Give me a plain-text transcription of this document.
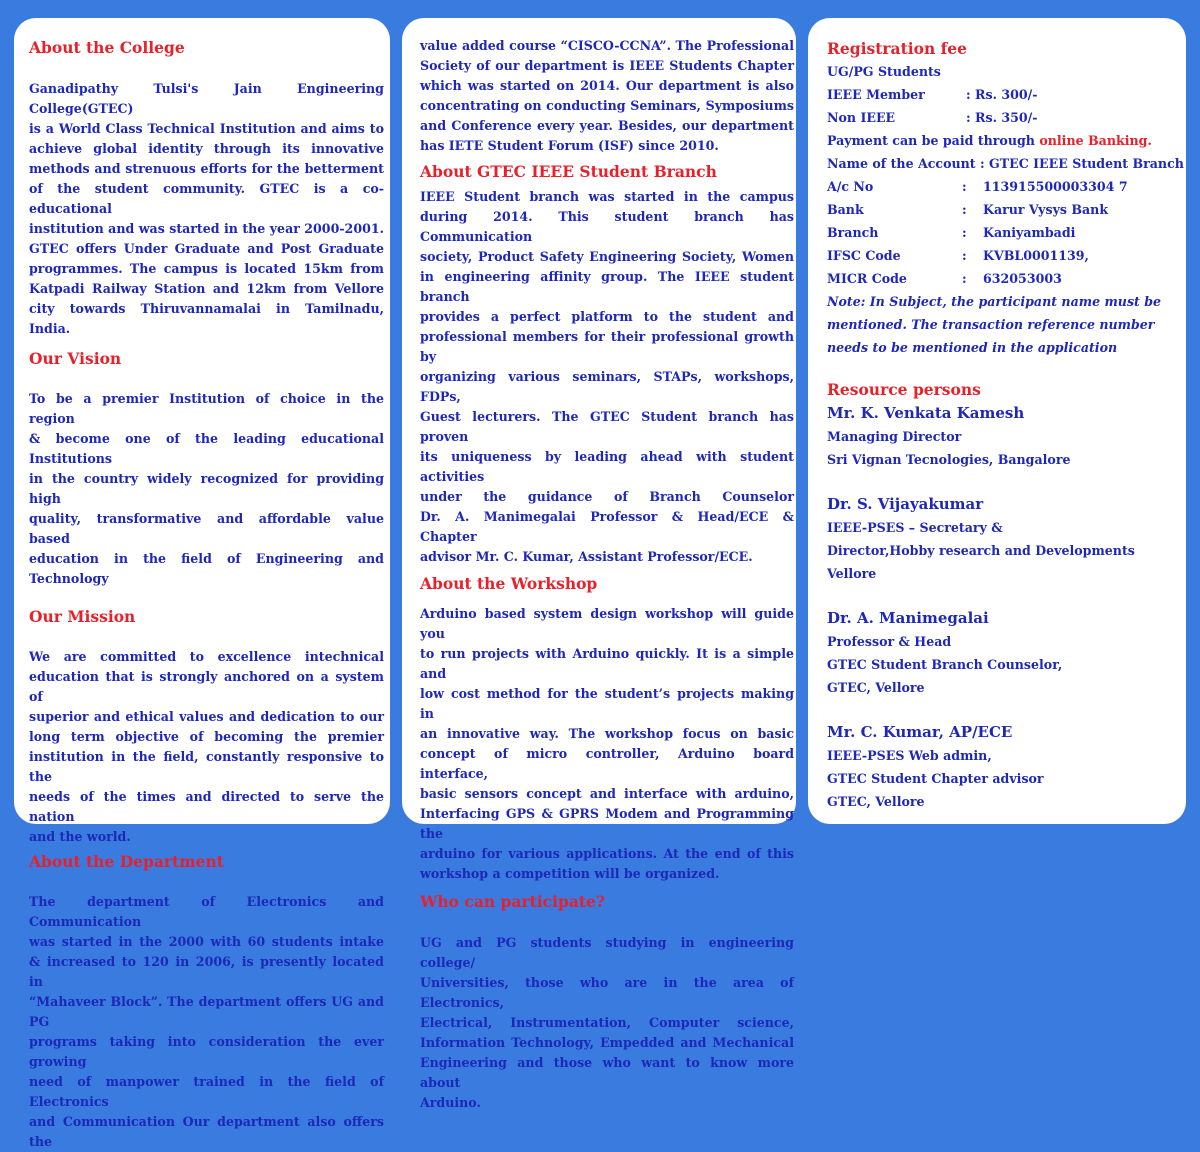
About the College
Ganadipathy Tulsi's Jain Engineering College(GTEC)
is a World Class Technical Institution and aims to
achieve global identity through its innovative
methods and strenuous efforts for the betterment
of the student community. GTEC is a co-educational
institution and was started in the year 2000-2001.
GTEC offers Under Graduate and Post Graduate
programmes. The campus is located 15km from
Katpadi Railway Station and 12km from Vellore
city towards Thiruvannamalai in Tamilnadu, India.
Our Vision
To be a premier Institution of choice in the region
& become one of the leading educational Institutions
in the country widely recognized for providing high
quality, transformative and affordable value based
education in the field of Engineering and Technology
Our Mission
We are committed to excellence intechnical
education that is strongly anchored on a system of
superior and ethical values and dedication to our
long term objective of becoming the premier
institution in the field, constantly responsive to the
needs of the times and directed to serve the nation
and the world.
About the Department
The department of Electronics and Communication
was started in the 2000 with 60 students intake
& increased to 120 in 2006, is presently located in
“Mahaveer Block”. The department offers UG and PG
programs taking into consideration the ever growing
need of manpower trained in the field of Electronics
and Communication Our department also offers the
value added course “CISCO-CCNA”. The Professional
Society of our department is IEEE Students Chapter
which was started on 2014. Our department is also
concentrating on conducting Seminars, Symposiums
and Conference every year. Besides, our department
has IETE Student Forum (ISF) since 2010.
About GTEC IEEE Student Branch
IEEE Student branch was started in the campus
during 2014. This student branch has Communication
society, Product Safety Engineering Society, Women
in engineering affinity group. The IEEE student branch
provides a perfect platform to the student and
professional members for their professional growth by
organizing various seminars, STAPs, workshops, FDPs,
Guest lecturers. The GTEC Student branch has proven
its uniqueness by leading ahead with student activities
under the guidance of Branch Counselor
Dr. A. Manimegalai Professor & Head/ECE & Chapter
advisor Mr. C. Kumar, Assistant Professor/ECE.
About the Workshop
Arduino based system design workshop will guide you
to run projects with Arduino quickly. It is a simple and
low cost method for the student’s projects making in
an innovative way. The workshop focus on basic
concept of micro controller, Arduino board interface,
basic sensors concept and interface with arduino,
Interfacing GPS & GPRS Modem and Programming the
arduino for various applications. At the end of this
workshop a competition will be organized.
Who can participate?
UG and PG students studying in engineering college/
Universities, those who are in the area of Electronics,
Electrical, Instrumentation, Computer science,
Information Technology, Empedded and Mechanical
Engineering and those who want to know more about
Arduino.
Registration fee
UG/PG Students
IEEE Member	: Rs. 300/-
Non IEEE	: Rs. 350/-
Payment can be paid through online Banking.
Name of the Account : GTEC IEEE Student Branch
A/c No	:	113915500003304 7
Bank	:	Karur Vysys Bank
Branch	:	Kaniyambadi
IFSC Code	:	KVBL0001139,
MICR Code	:	632053003
Note: In Subject, the participant name must be
mentioned. The transaction reference number
needs to be mentioned in the application
Resource persons
Mr. K. Venkata Kamesh
Managing Director
Sri Vignan Tecnologies, Bangalore
Dr. S. Vijayakumar
IEEE-PSES – Secretary &
Director,Hobby research and Developments
Vellore
Dr. A. Manimegalai
Professor & Head
GTEC Student Branch Counselor,
GTEC, Vellore
Mr. C. Kumar, AP/ECE
IEEE-PSES Web admin,
GTEC Student Chapter advisor
GTEC, Vellore
